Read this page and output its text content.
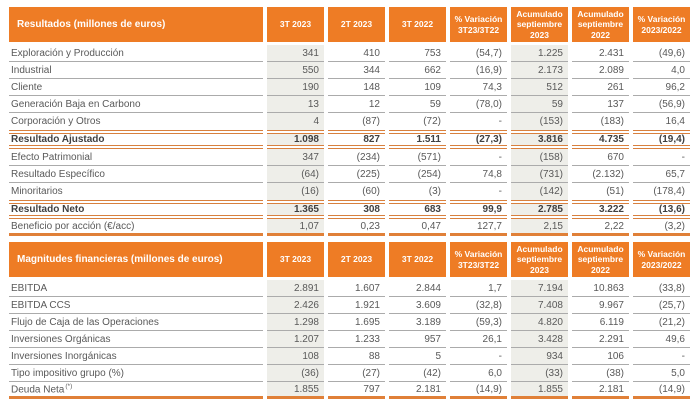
Resultados (millones de euros)	3T 2023	2T 2023	3T 2022	% Variación 3T23/3T22	Acumulado septiembre 2023	Acumulado septiembre 2022	% Variación 2023/2022
Exploración y Producción	341	410	753	(54,7)	1.225	2.431	(49,6)
Industrial	550	344	662	(16,9)	2.173	2.089	4,0
Cliente	190	148	109	74,3	512	261	96,2
Generación Baja en Carbono	13	12	59	(78,0)	59	137	(56,9)
Corporación y Otros	4	(87)	(72)	-	(153)	(183)	16,4
Resultado Ajustado	1.098	827	1.511	(27,3)	3.816	4.735	(19,4)
Efecto Patrimonial	347	(234)	(571)	-	(158)	670	-
Resultado Específico	(64)	(225)	(254)	74,8	(731)	(2.132)	65,7
Minoritarios	(16)	(60)	(3)	-	(142)	(51)	(178,4)
Resultado Neto	1.365	308	683	99,9	2.785	3.222	(13,6)
Beneficio por acción (€/acc)	1,07	0,23	0,47	127,7	2,15	2,22	(3,2)
Magnitudes financieras (millones de euros)	3T 2023	2T 2023	3T 2022	% Variación 3T23/3T22	Acumulado septiembre 2023	Acumulado septiembre 2022	% Variación 2023/2022
EBITDA	2.891	1.607	2.844	1,7	7.194	10.863	(33,8)
EBITDA CCS	2.426	1.921	3.609	(32,8)	7.408	9.967	(25,7)
Flujo de Caja de las Operaciones	1.298	1.695	3.189	(59,3)	4.820	6.119	(21,2)
Inversiones Orgánicas	1.207	1.233	957	26,1	3.428	2.291	49,6
Inversiones Inorgánicas	108	88	5	-	934	106	-
Tipo impositivo grupo (%)	(36)	(27)	(42)	6,0	(33)	(38)	5,0
Deuda Neta(*)	1.855	797	2.181	(14,9)	1.855	2.181	(14,9)
